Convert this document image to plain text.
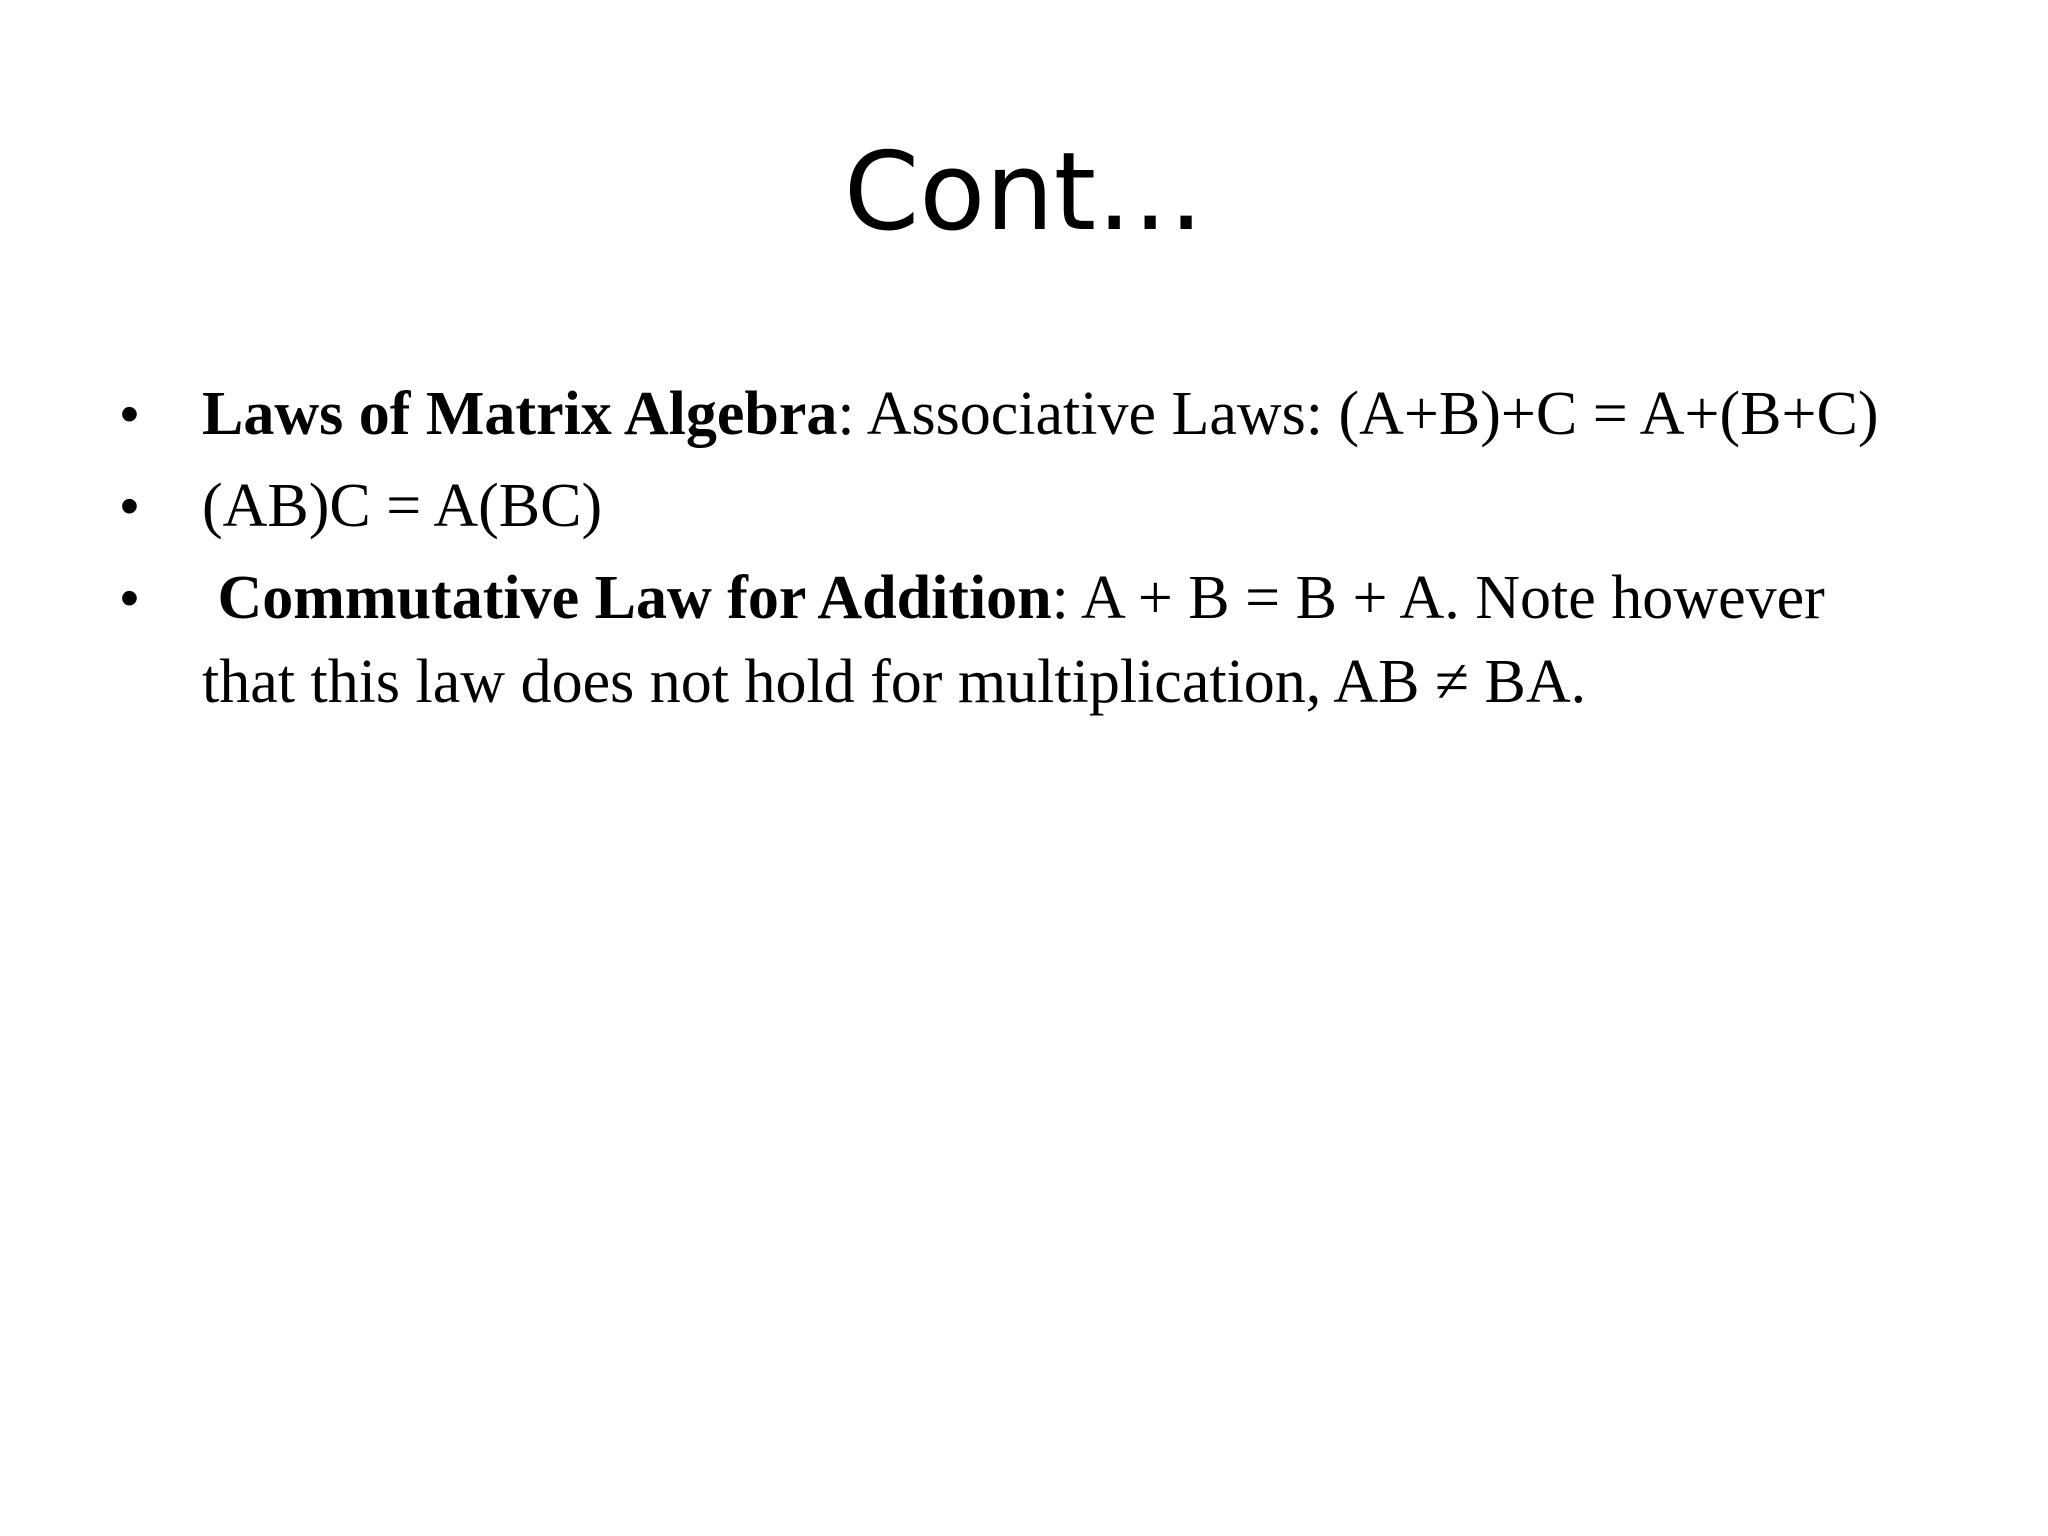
Cont…
• Laws of Matrix Algebra: Associative Laws: (A+B)+C = A+(B+C)
• (AB)C = A(BC)
• Commutative Law for Addition: A + B = B + A. Note however that this law does not hold for multiplication, AB ≠ BA.
